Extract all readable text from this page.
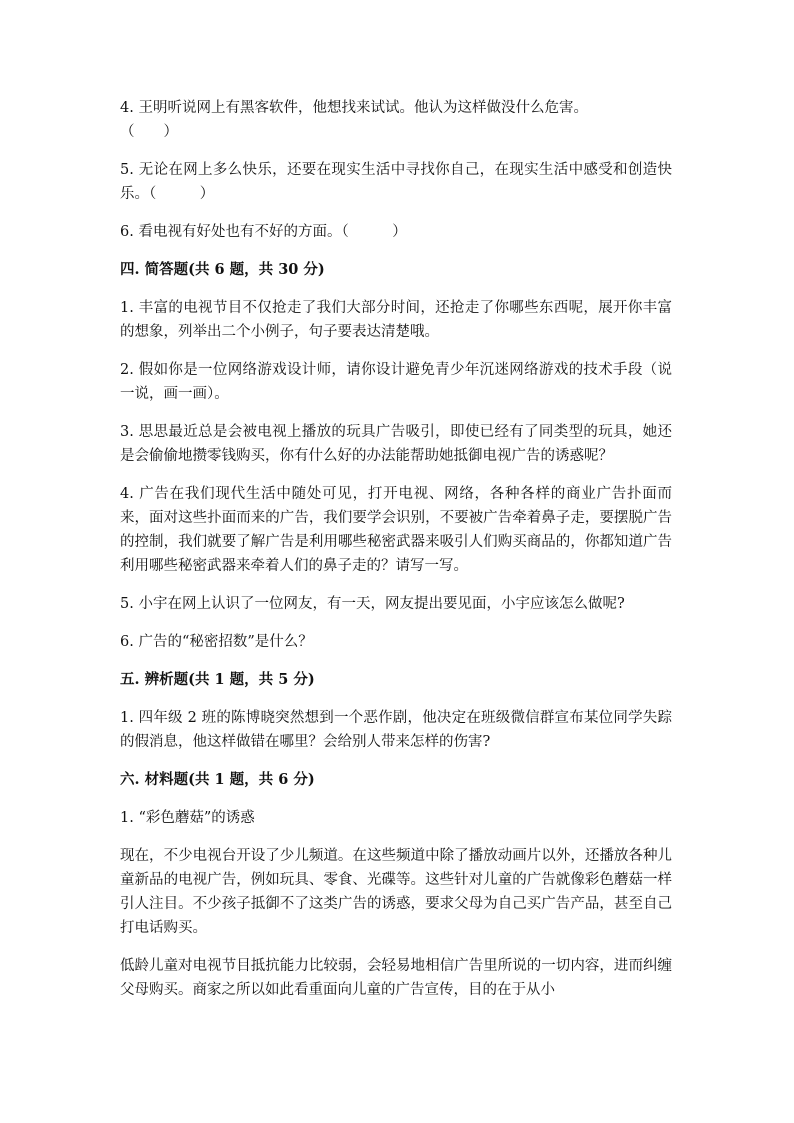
4. 王明听说网上有黑客软件，他想找来试试。他认为这样做没什么危害。

（　　）

5. 无论在网上多么快乐，还要在现实生活中寻找你自己，在现实生活中感受和创造快乐。（　　　）

6. 看电视有好处也有不好的方面。（　　　）

四. 简答题(共 6 题，共 30 分)

1. 丰富的电视节目不仅抢走了我们大部分时间，还抢走了你哪些东西呢，展开你丰富的想象，列举出二个小例子，句子要表达清楚哦。

2. 假如你是一位网络游戏设计师，请你设计避免青少年沉迷网络游戏的技术手段（说一说，画一画）。

3. 思思最近总是会被电视上播放的玩具广告吸引，即使已经有了同类型的玩具，她还是会偷偷地攒零钱购买，你有什么好的办法能帮助她抵御电视广告的诱惑呢？

4. 广告在我们现代生活中随处可见，打开电视、网络，各种各样的商业广告扑面而来，面对这些扑面而来的广告，我们要学会识别，不要被广告牵着鼻子走，要摆脱广告的控制，我们就要了解广告是利用哪些秘密武器来吸引人们购买商品的，你都知道广告利用哪些秘密武器来牵着人们的鼻子走的？请写一写。

5. 小宇在网上认识了一位网友，有一天，网友提出要见面，小宇应该怎么做呢?

6. 广告的“秘密招数”是什么？

五. 辨析题(共 1 题，共 5 分)

1. 四年级 2 班的陈博晓突然想到一个恶作剧，他决定在班级微信群宣布某位同学失踪的假消息，他这样做错在哪里？会给别人带来怎样的伤害?

六. 材料题(共 1 题，共 6 分)

1. “彩色蘑菇”的诱惑

现在，不少电视台开设了少儿频道。在这些频道中除了播放动画片以外，还播放各种儿童新品的电视广告，例如玩具、零食、光碟等。这些针对儿童的广告就像彩色蘑菇一样引人注目。不少孩子抵御不了这类广告的诱惑，要求父母为自己买广告产品，甚至自己打电话购买。

低龄儿童对电视节目抵抗能力比较弱，会轻易地相信广告里所说的一切内容，进而纠缠父母购买。商家之所以如此看重面向儿童的广告宣传，目的在于从小
